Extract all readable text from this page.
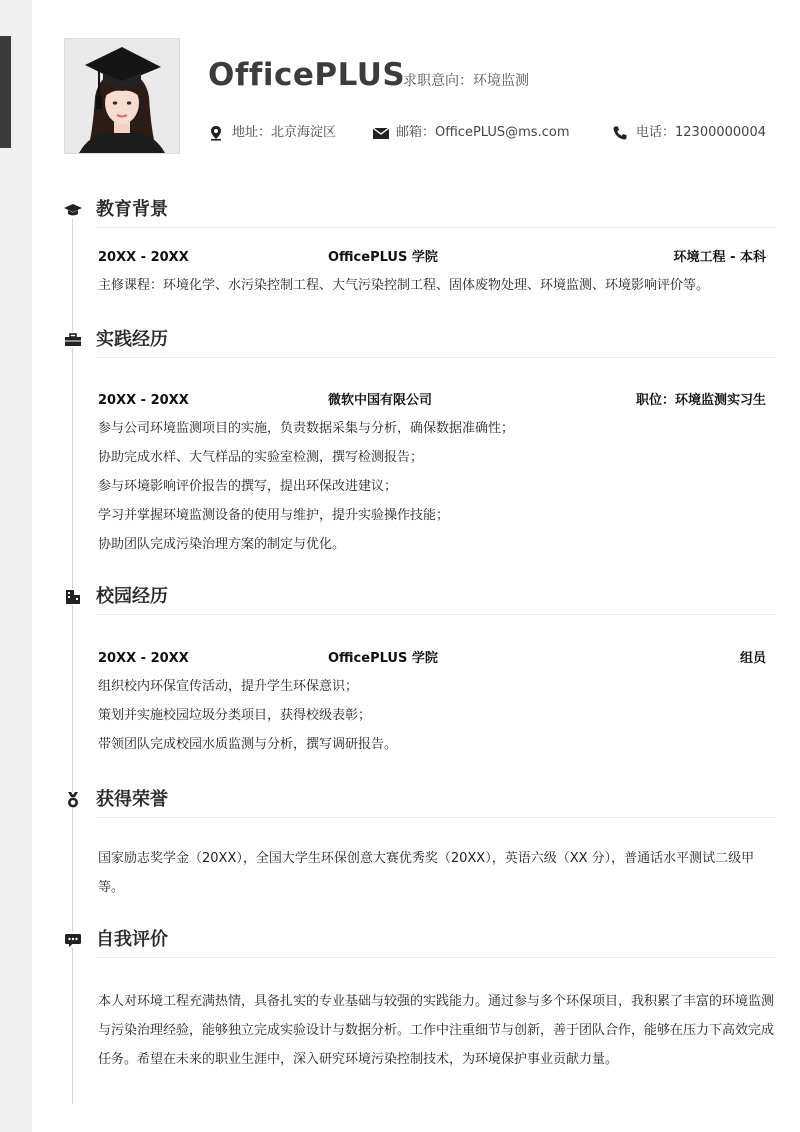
OfficePLUS
求职意向：环境监测
地址：北京海淀区	邮箱：OfficePLUS@ms.com	电话：12300000004
教育背景
20XX - 20XX	OfficePLUS 学院	环境工程 - 本科
主修课程：环境化学、水污染控制工程、大气污染控制工程、固体废物处理、环境监测、环境影响评价等。
实践经历
20XX - 20XX	微软中国有限公司	职位：环境监测实习生
参与公司环境监测项目的实施，负责数据采集与分析，确保数据准确性；
协助完成水样、大气样品的实验室检测，撰写检测报告；
参与环境影响评价报告的撰写，提出环保改进建议；
学习并掌握环境监测设备的使用与维护，提升实验操作技能；
协助团队完成污染治理方案的制定与优化。
校园经历
20XX - 20XX	OfficePLUS 学院	组员
组织校内环保宣传活动，提升学生环保意识；
策划并实施校园垃圾分类项目，获得校级表彰；
带领团队完成校园水质监测与分析，撰写调研报告。
获得荣誉
国家励志奖学金（20XX），全国大学生环保创意大赛优秀奖（20XX），英语六级（XX 分），普通话水平测试二级甲等。
自我评价
本人对环境工程充满热情，具备扎实的专业基础与较强的实践能力。通过参与多个环保项目，我积累了丰富的环境监测与污染治理经验，能够独立完成实验设计与数据分析。工作中注重细节与创新，善于团队合作，能够在压力下高效完成任务。希望在未来的职业生涯中，深入研究环境污染控制技术，为环境保护事业贡献力量。
